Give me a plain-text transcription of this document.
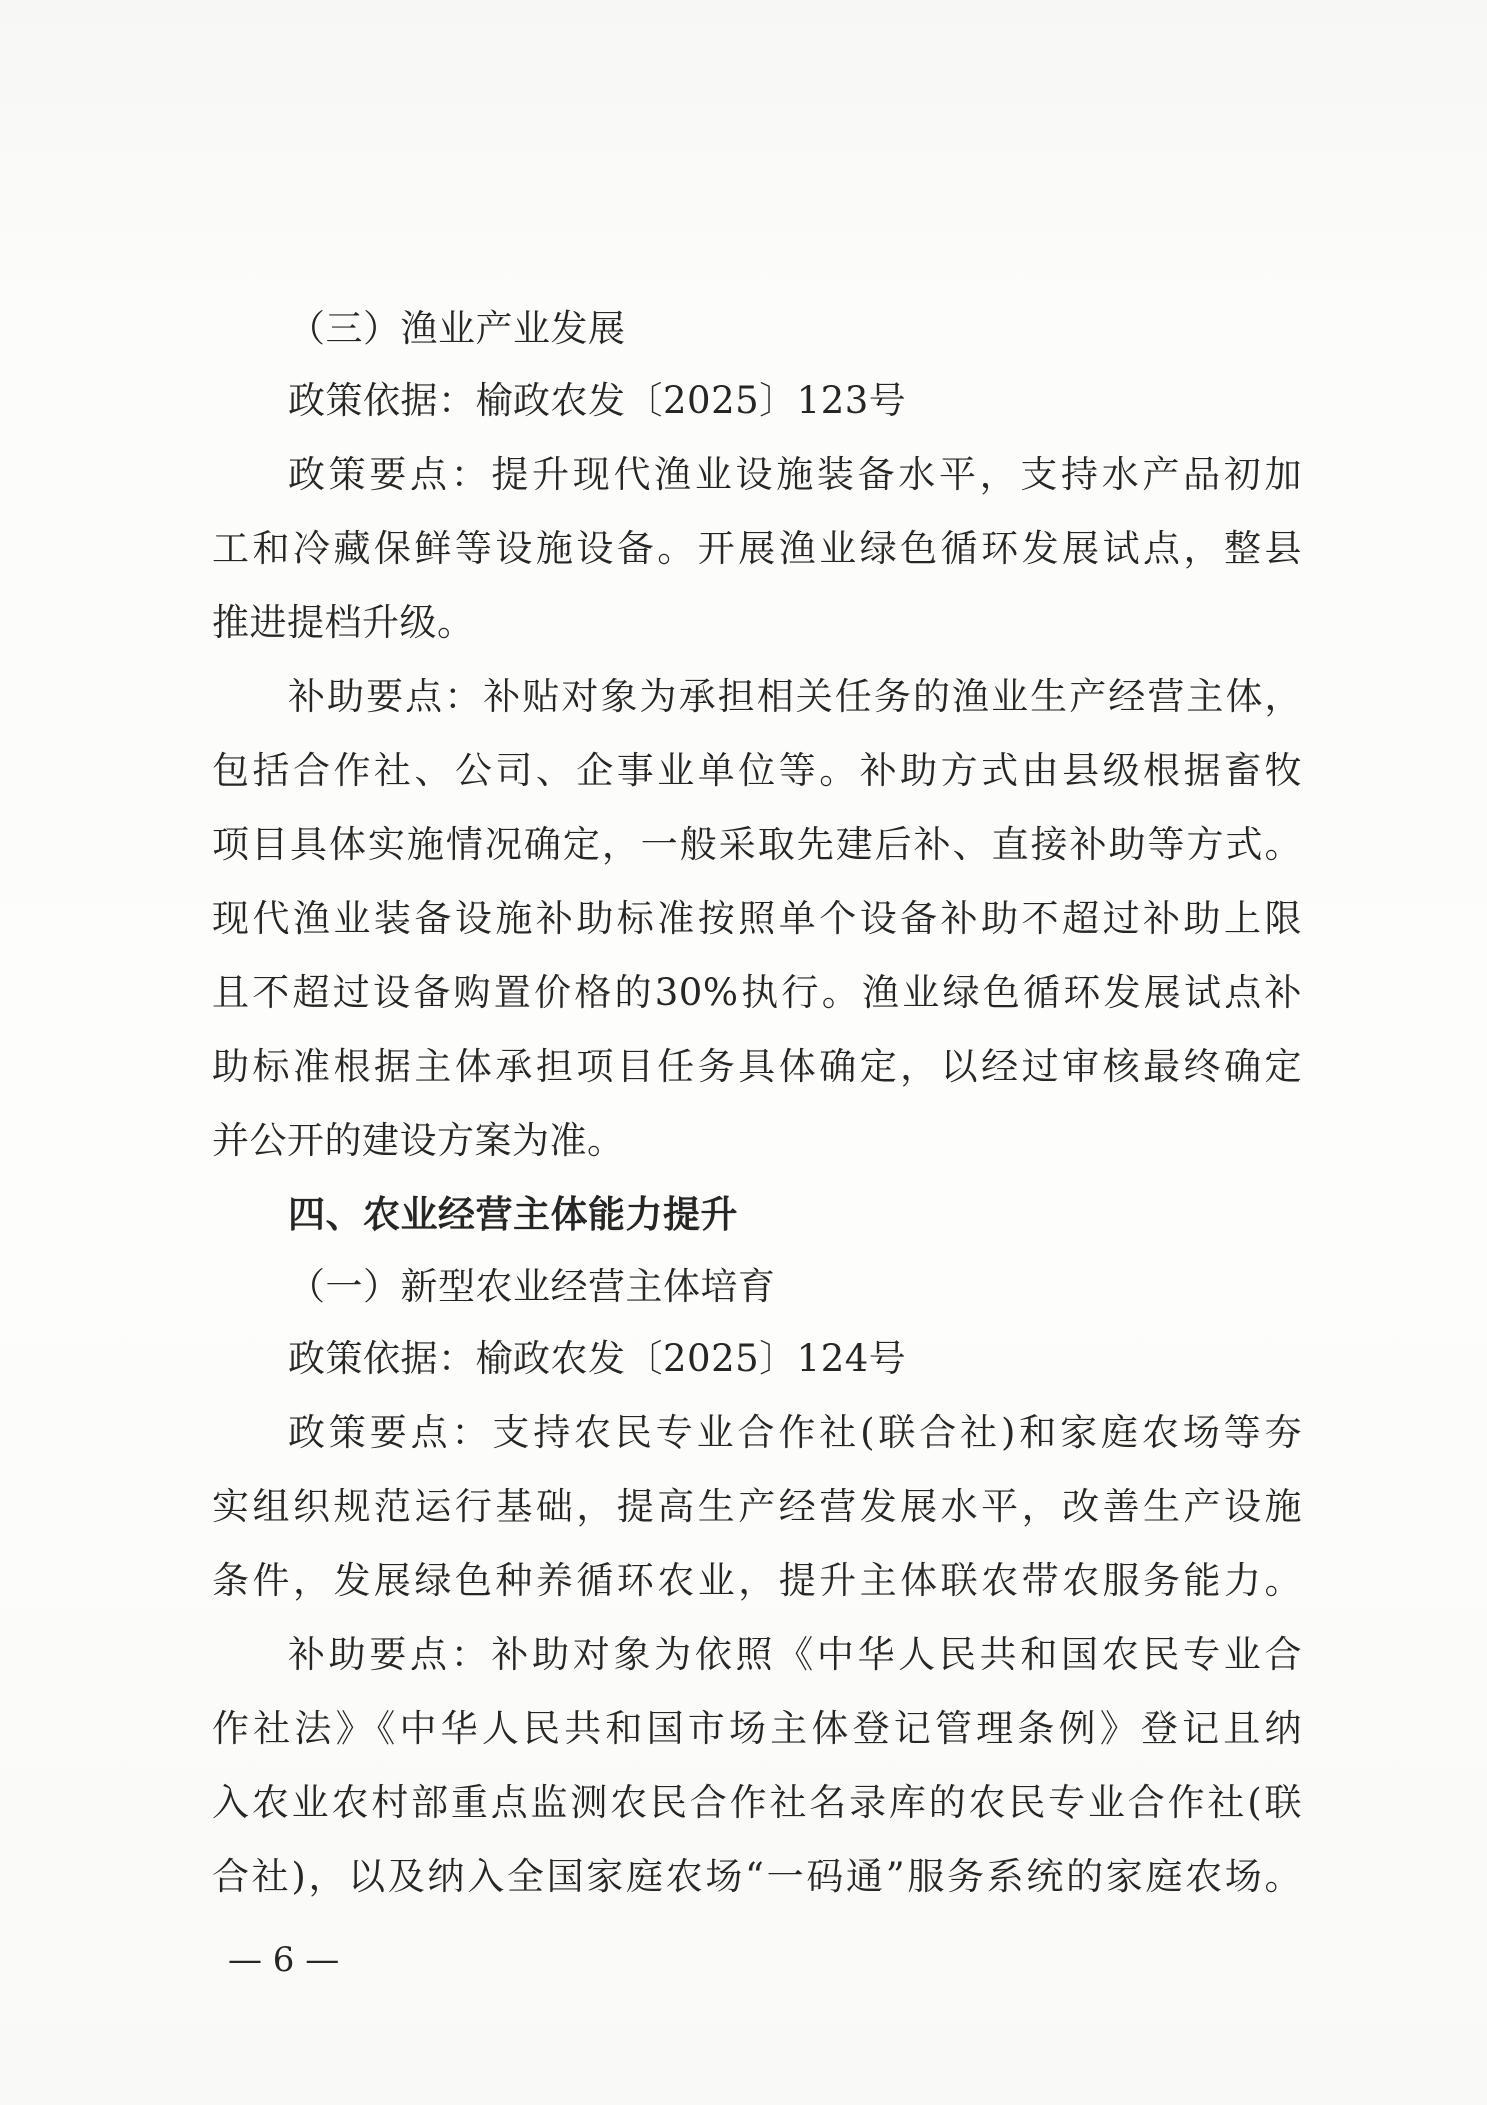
（三）渔业产业发展
政策依据：榆政农发〔2025〕123号
政策要点：提升现代渔业设施装备水平，支持水产品初加
工和冷藏保鲜等设施设备。开展渔业绿色循环发展试点，整县
推进提档升级。
补助要点：补贴对象为承担相关任务的渔业生产经营主体，
包括合作社、公司、企事业单位等。补助方式由县级根据畜牧
项目具体实施情况确定，一般采取先建后补、直接补助等方式。
现代渔业装备设施补助标准按照单个设备补助不超过补助上限
且不超过设备购置价格的30%执行。渔业绿色循环发展试点补
助标准根据主体承担项目任务具体确定，以经过审核最终确定
并公开的建设方案为准。
四、农业经营主体能力提升
（一）新型农业经营主体培育
政策依据：榆政农发〔2025〕124号
政策要点：支持农民专业合作社(联合社)和家庭农场等夯
实组织规范运行基础，提高生产经营发展水平，改善生产设施
条件，发展绿色种养循环农业，提升主体联农带农服务能力。
补助要点：补助对象为依照《中华人民共和国农民专业合
作社法》《中华人民共和国市场主体登记管理条例》登记且纳
入农业农村部重点监测农民合作社名录库的农民专业合作社(联
合社)，以及纳入全国家庭农场“一码通”服务系统的家庭农场。
— 6 —
